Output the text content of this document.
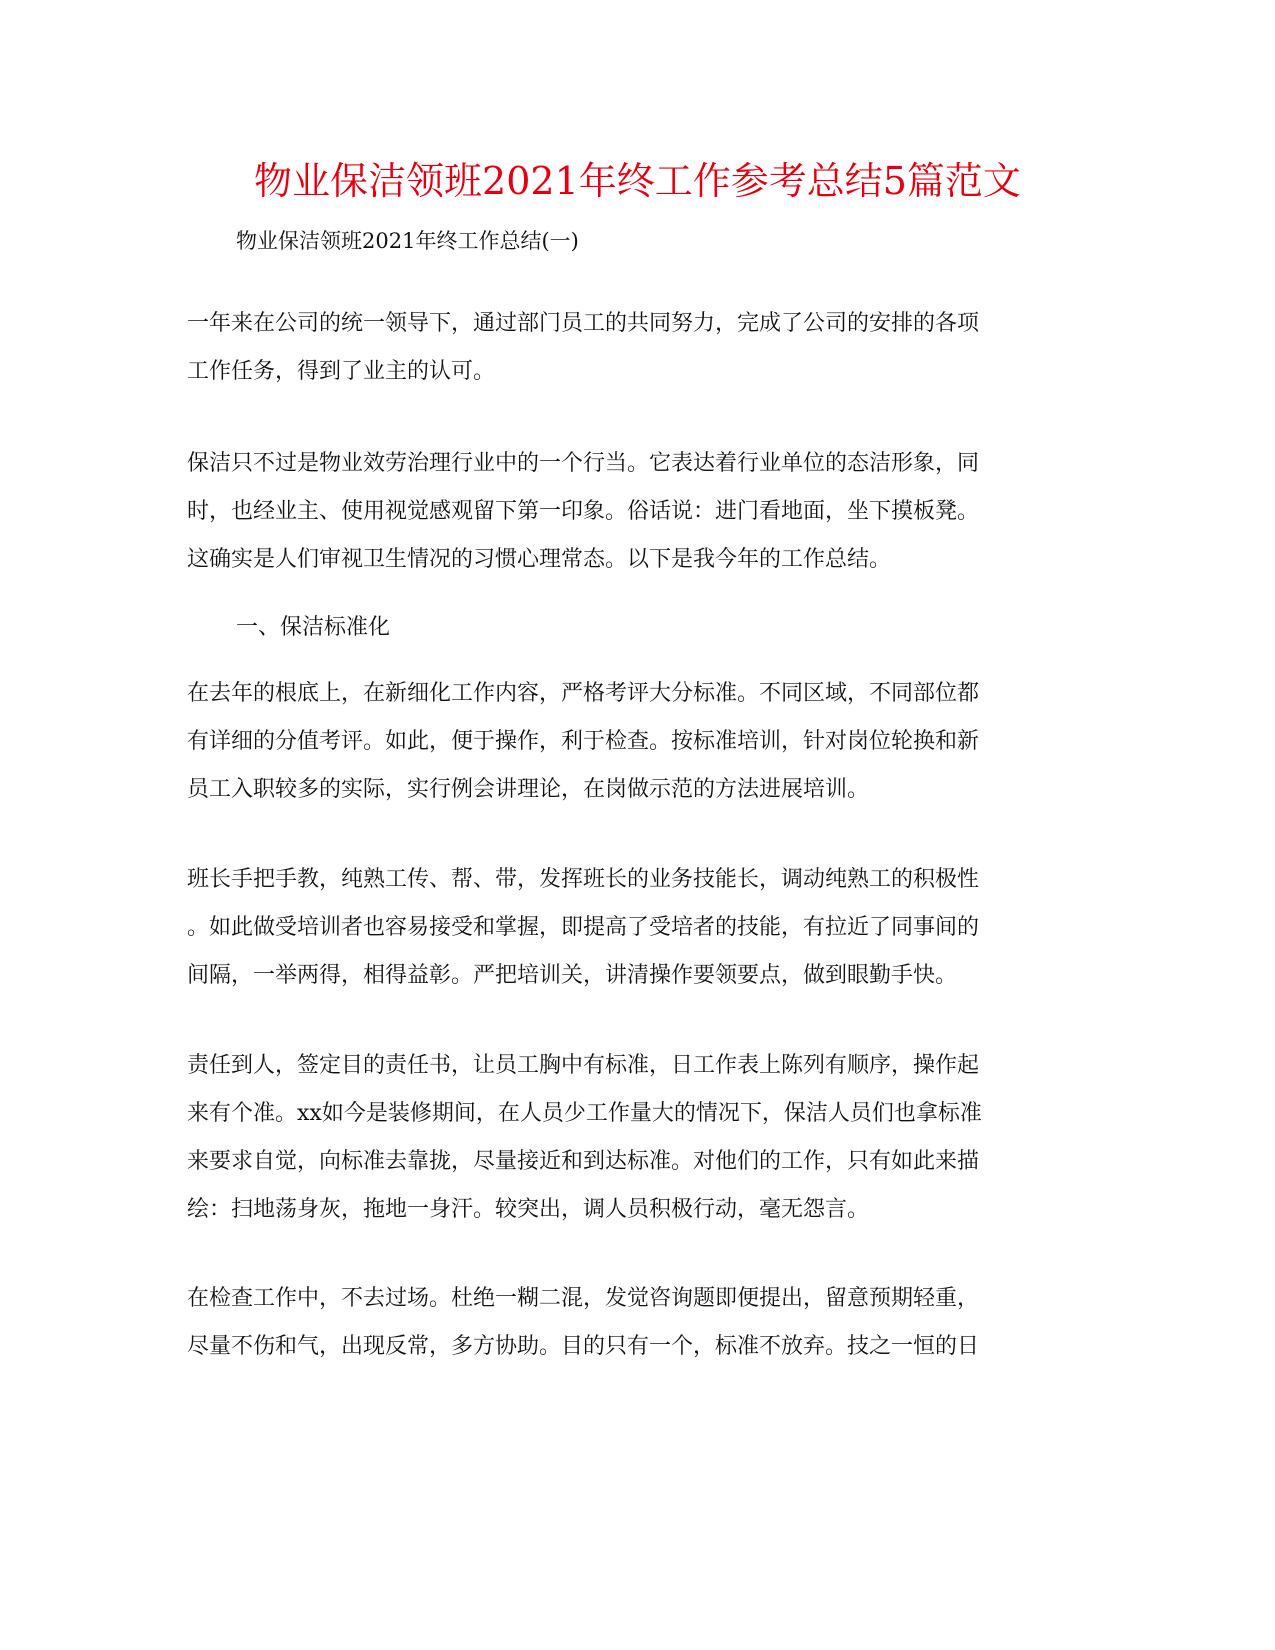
物业保洁领班2021年终工作参考总结5篇范文
物业保洁领班2021年终工作总结(一)
一年来在公司的统一领导下，通过部门员工的共同努力，完成了公司的安排的各项
工作任务，得到了业主的认可。
保洁只不过是物业效劳治理行业中的一个行当。它表达着行业单位的态洁形象，同
时，也经业主、使用视觉感观留下第一印象。俗话说：进门看地面，坐下摸板凳。
这确实是人们审视卫生情况的习惯心理常态。以下是我今年的工作总结。
一、保洁标准化
在去年的根底上，在新细化工作内容，严格考评大分标准。不同区域，不同部位都
有详细的分值考评。如此，便于操作，利于检查。按标准培训，针对岗位轮换和新
员工入职较多的实际，实行例会讲理论，在岗做示范的方法进展培训。
班长手把手教，纯熟工传、帮、带，发挥班长的业务技能长，调动纯熟工的积极性
。如此做受培训者也容易接受和掌握，即提高了受培者的技能，有拉近了同事间的
间隔，一举两得，相得益彰。严把培训关，讲清操作要领要点，做到眼勤手快。
责任到人，签定目的责任书，让员工胸中有标准，日工作表上陈列有顺序，操作起
来有个准。xx如今是装修期间，在人员少工作量大的情况下，保洁人员们也拿标准
来要求自觉，向标准去靠拢，尽量接近和到达标准。对他们的工作，只有如此来描
绘：扫地荡身灰，拖地一身汗。较突出，调人员积极行动，毫无怨言。
在检查工作中，不去过场。杜绝一糊二混，发觉咨询题即便提出，留意预期轻重，
尽量不伤和气，出现反常，多方协助。目的只有一个，标准不放弃。技之一恒的日
